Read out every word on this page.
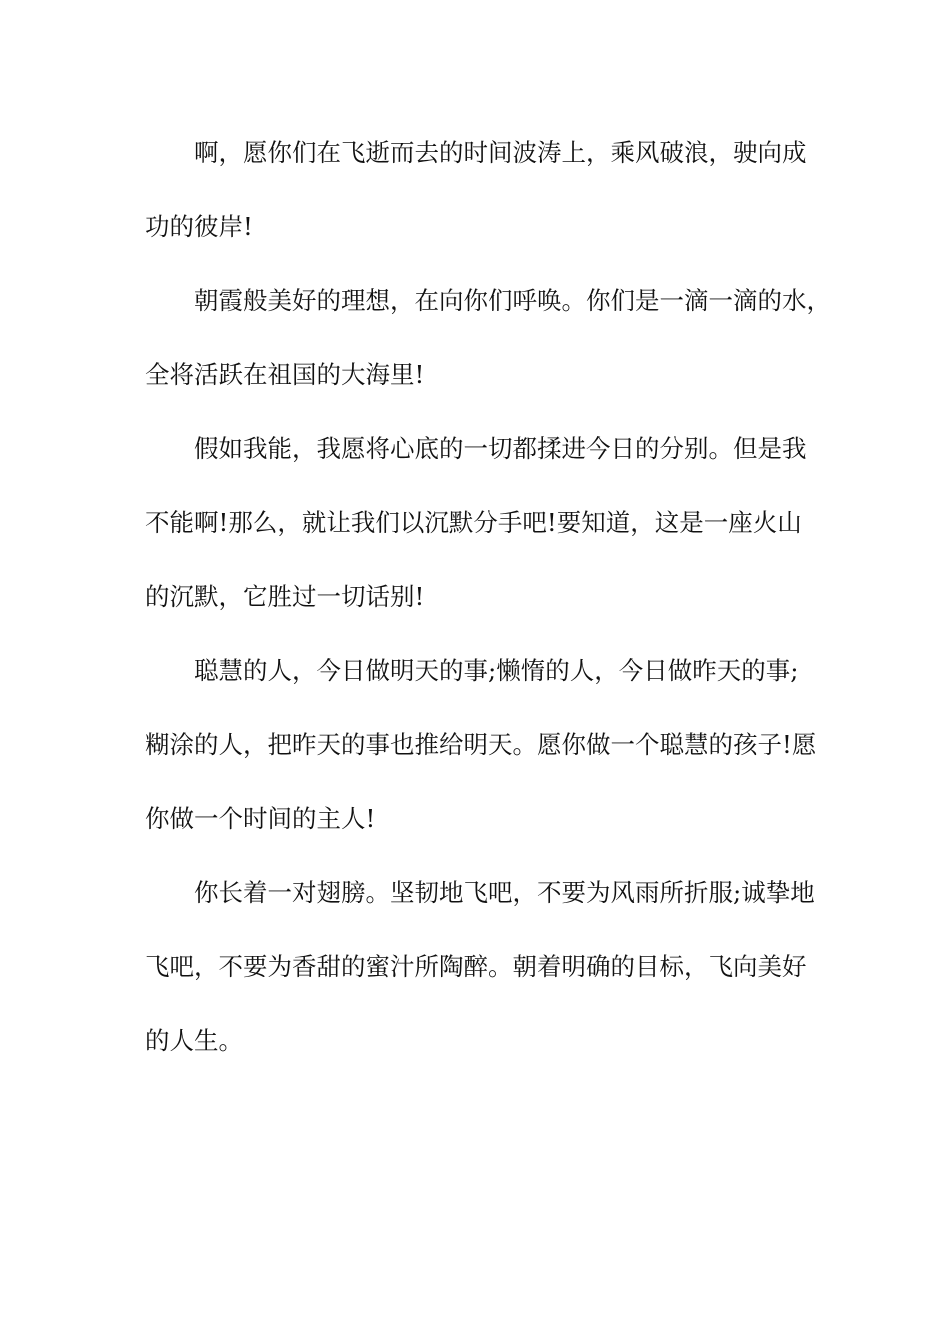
啊，愿你们在飞逝而去的时间波涛上，乘风破浪，驶向成
功的彼岸!
朝霞般美好的理想，在向你们呼唤。你们是一滴一滴的水，
全将活跃在祖国的大海里!
假如我能，我愿将心底的一切都揉进今日的分别。但是我
不能啊!那么，就让我们以沉默分手吧!要知道，这是一座火山
的沉默，它胜过一切话别!
聪慧的人，今日做明天的事;懒惰的人，今日做昨天的事;
糊涂的人，把昨天的事也推给明天。愿你做一个聪慧的孩子!愿
你做一个时间的主人!
你长着一对翅膀。坚韧地飞吧，不要为风雨所折服;诚挚地
飞吧，不要为香甜的蜜汁所陶醉。朝着明确的目标，飞向美好
的人生。
